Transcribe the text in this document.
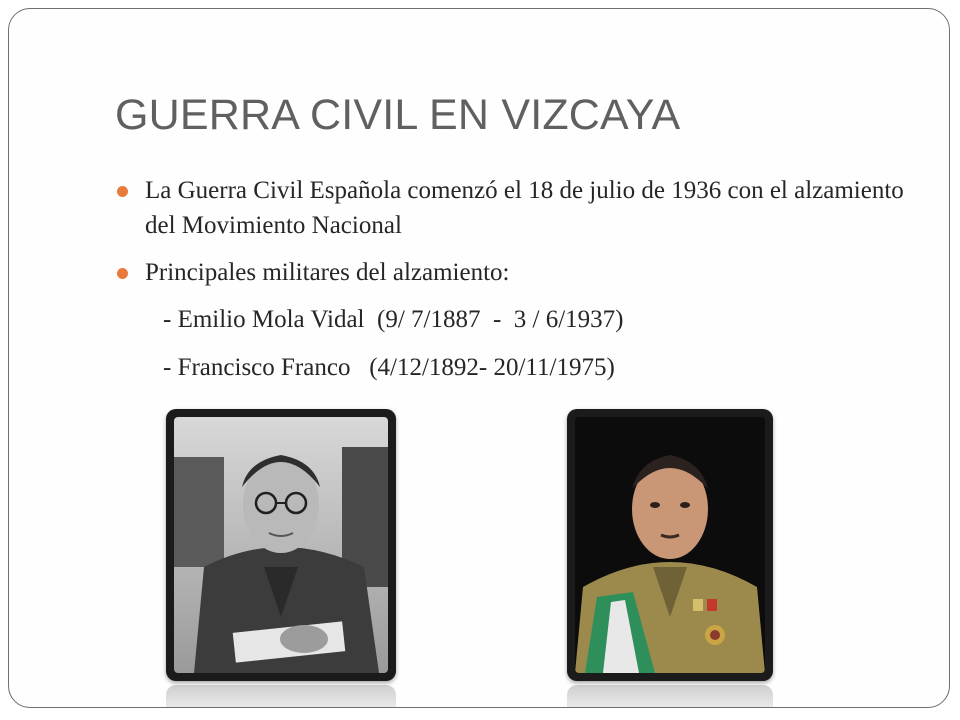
GUERRA CIVIL EN VIZCAYA
La Guerra Civil Española comenzó el 18 de julio de 1936 con el alzamiento del Movimiento Nacional
Principales militares del alzamiento:
- Emilio Mola Vidal  (9/ 7/1887  -  3 / 6/1937)
- Francisco Franco   (4/12/1892- 20/11/1975)
